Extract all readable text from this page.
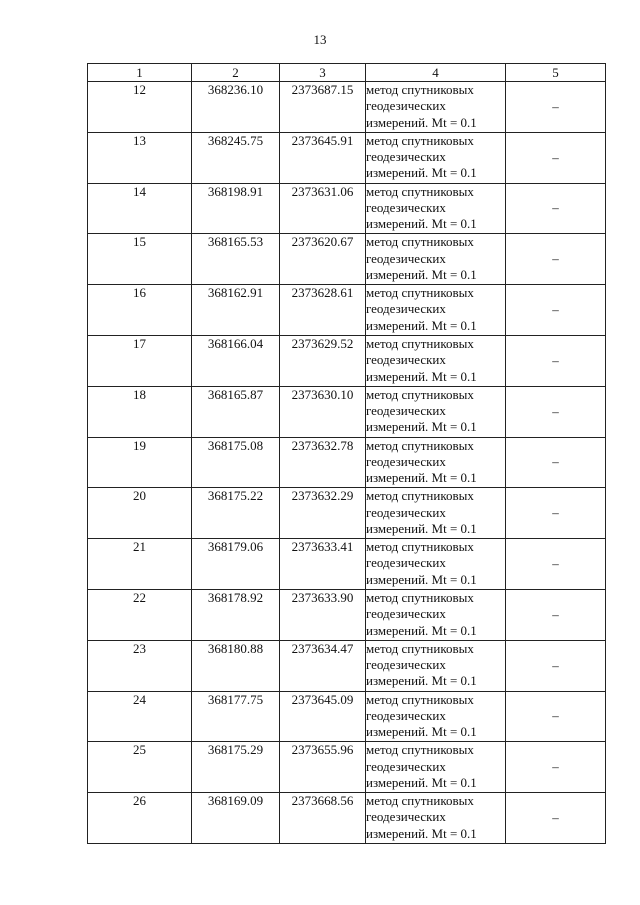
13
1	2	3	4	5
12	368236.10	2373687.15	метод спутниковых
геодезических
измерений. Mt = 0.1	–
13	368245.75	2373645.91	метод спутниковых
геодезических
измерений. Mt = 0.1	–
14	368198.91	2373631.06	метод спутниковых
геодезических
измерений. Mt = 0.1	–
15	368165.53	2373620.67	метод спутниковых
геодезических
измерений. Mt = 0.1	–
16	368162.91	2373628.61	метод спутниковых
геодезических
измерений. Mt = 0.1	–
17	368166.04	2373629.52	метод спутниковых
геодезических
измерений. Mt = 0.1	–
18	368165.87	2373630.10	метод спутниковых
геодезических
измерений. Mt = 0.1	–
19	368175.08	2373632.78	метод спутниковых
геодезических
измерений. Mt = 0.1	–
20	368175.22	2373632.29	метод спутниковых
геодезических
измерений. Mt = 0.1	–
21	368179.06	2373633.41	метод спутниковых
геодезических
измерений. Mt = 0.1	–
22	368178.92	2373633.90	метод спутниковых
геодезических
измерений. Mt = 0.1	–
23	368180.88	2373634.47	метод спутниковых
геодезических
измерений. Mt = 0.1	–
24	368177.75	2373645.09	метод спутниковых
геодезических
измерений. Mt = 0.1	–
25	368175.29	2373655.96	метод спутниковых
геодезических
измерений. Mt = 0.1	–
26	368169.09	2373668.56	метод спутниковых
геодезических
измерений. Mt = 0.1	–
